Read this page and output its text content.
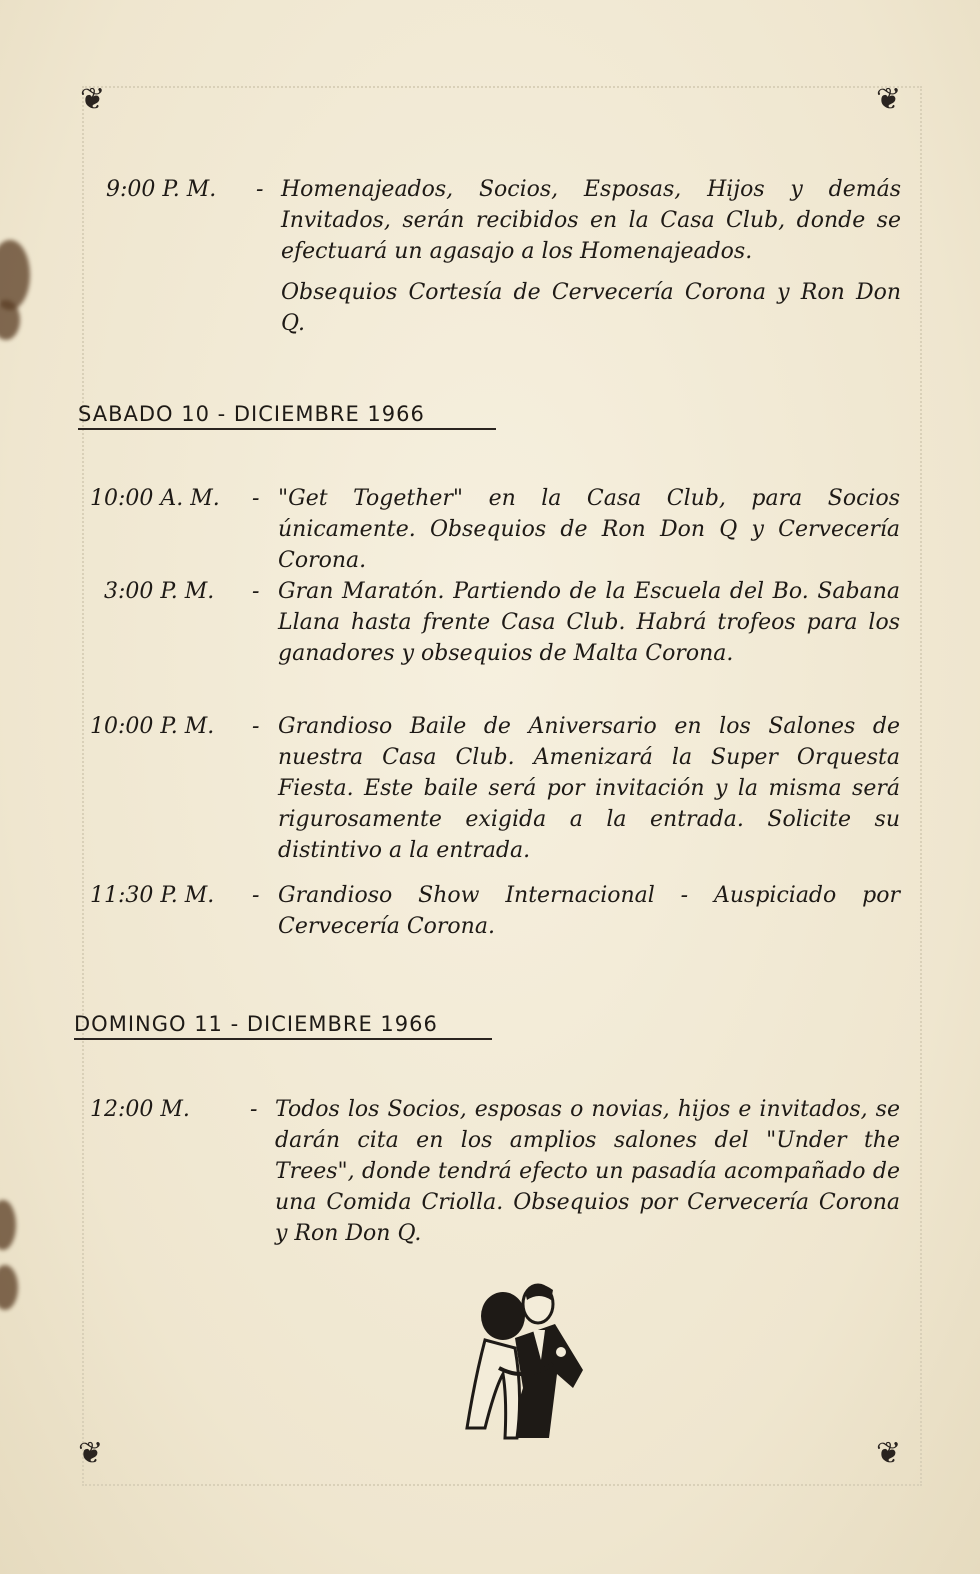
❦	❦
❦	❦
9:00 P. M. - Homenajeados, Socios, Esposas, Hijos y demás Invitados, serán recibidos en la Casa Club, donde se efectuará un agasajo a los Homenajeados.

Obsequios Cortesía de Cervecería Corona y Ron Don Q.

SABADO 10 - DICIEMBRE 1966
10:00 A. M. - "Get Together" en la Casa Club, para Socios únicamente. Obsequios de Ron Don Q y Cervecería Corona.
3:00 P. M. - Gran Maratón. Partiendo de la Escuela del Bo. Sabana Llana hasta frente Casa Club. Habrá trofeos para los ganadores y obsequios de Malta Corona.
10:00 P. M. - Grandioso Baile de Aniversario en los Salones de nuestra Casa Club. Amenizará la Super Orquesta Fiesta. Este baile será por invitación y la misma será rigurosamente exigida a la entrada. Solicite su distintivo a la entrada.
11:30 P. M. - Grandioso Show Internacional - Auspiciado por Cervecería Corona.
DOMINGO 11 - DICIEMBRE 1966
12:00 M.	- Todos los Socios, esposas o novias, hijos e invitados, se darán cita en los amplios salones del "Under the Trees", donde tendrá efecto un pasadía acompañado de una Comida Criolla. Obsequios por Cervecería Corona y Ron Don Q.
